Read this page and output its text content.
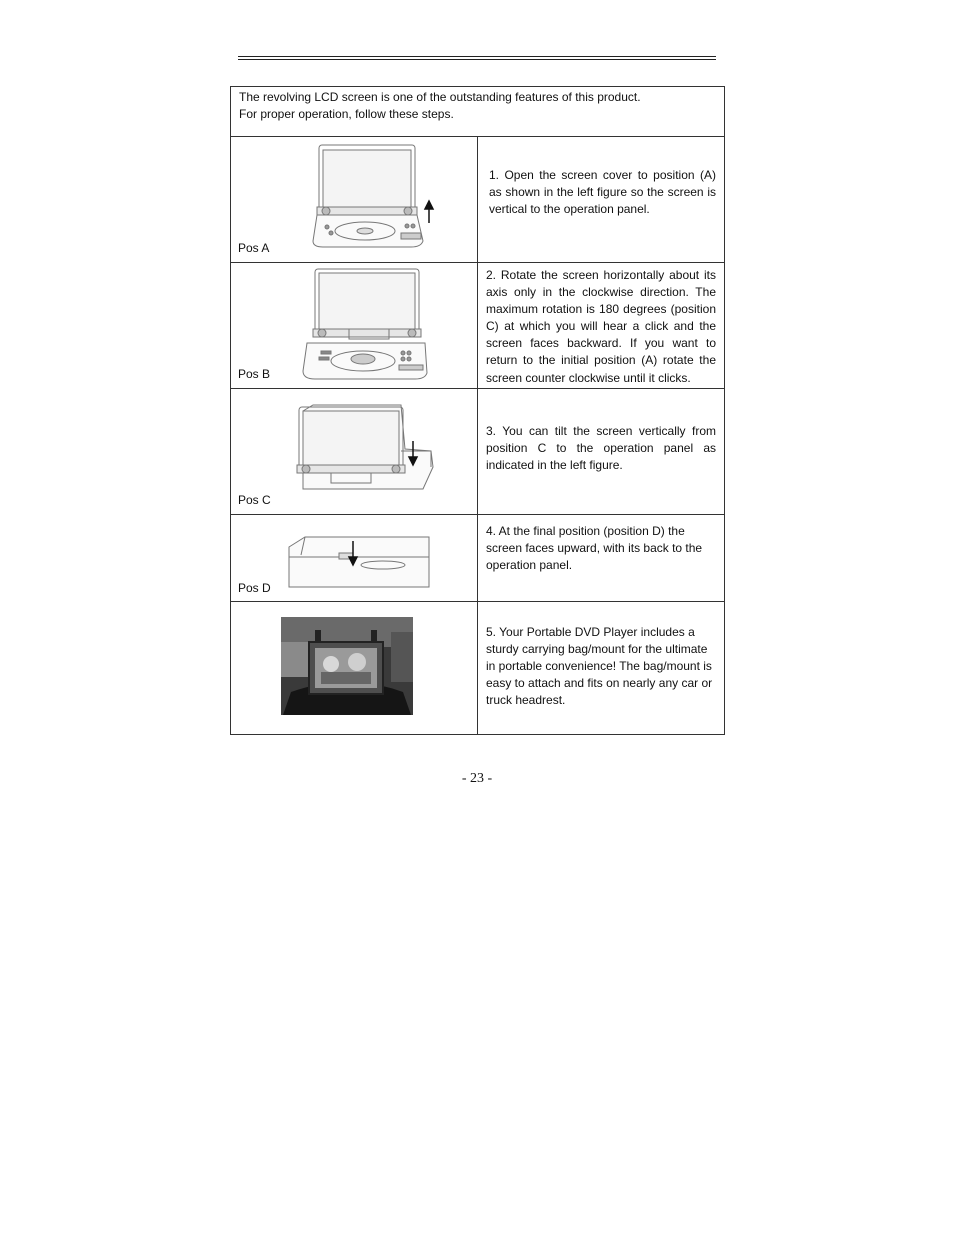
The revolving LCD screen is one of the outstanding features of this product.
For proper operation, follow these steps.	

Pos A	1. Open the screen cover to position (A) as shown in the left figure so the screen is vertical to the operation panel.

Pos B	2. Rotate the screen horizontally about its axis only in the clockwise direction. The maximum rotation is 180 degrees (position C) at which you will hear a click and the screen faces backward. If you want to return to the initial position (A) rotate the screen counter clockwise until it clicks.

Pos C	3. You can tilt the screen vertically from position C to the operation panel as indicated in the left figure.

Pos D	4. At the final position (position D) the screen faces upward, with its back to the operation panel.

5. Your Portable DVD Player includes a sturdy carrying bag/mount for the ultimate in portable convenience! The bag/mount is easy to attach and fits on nearly any car or truck headrest.

- 23 -
